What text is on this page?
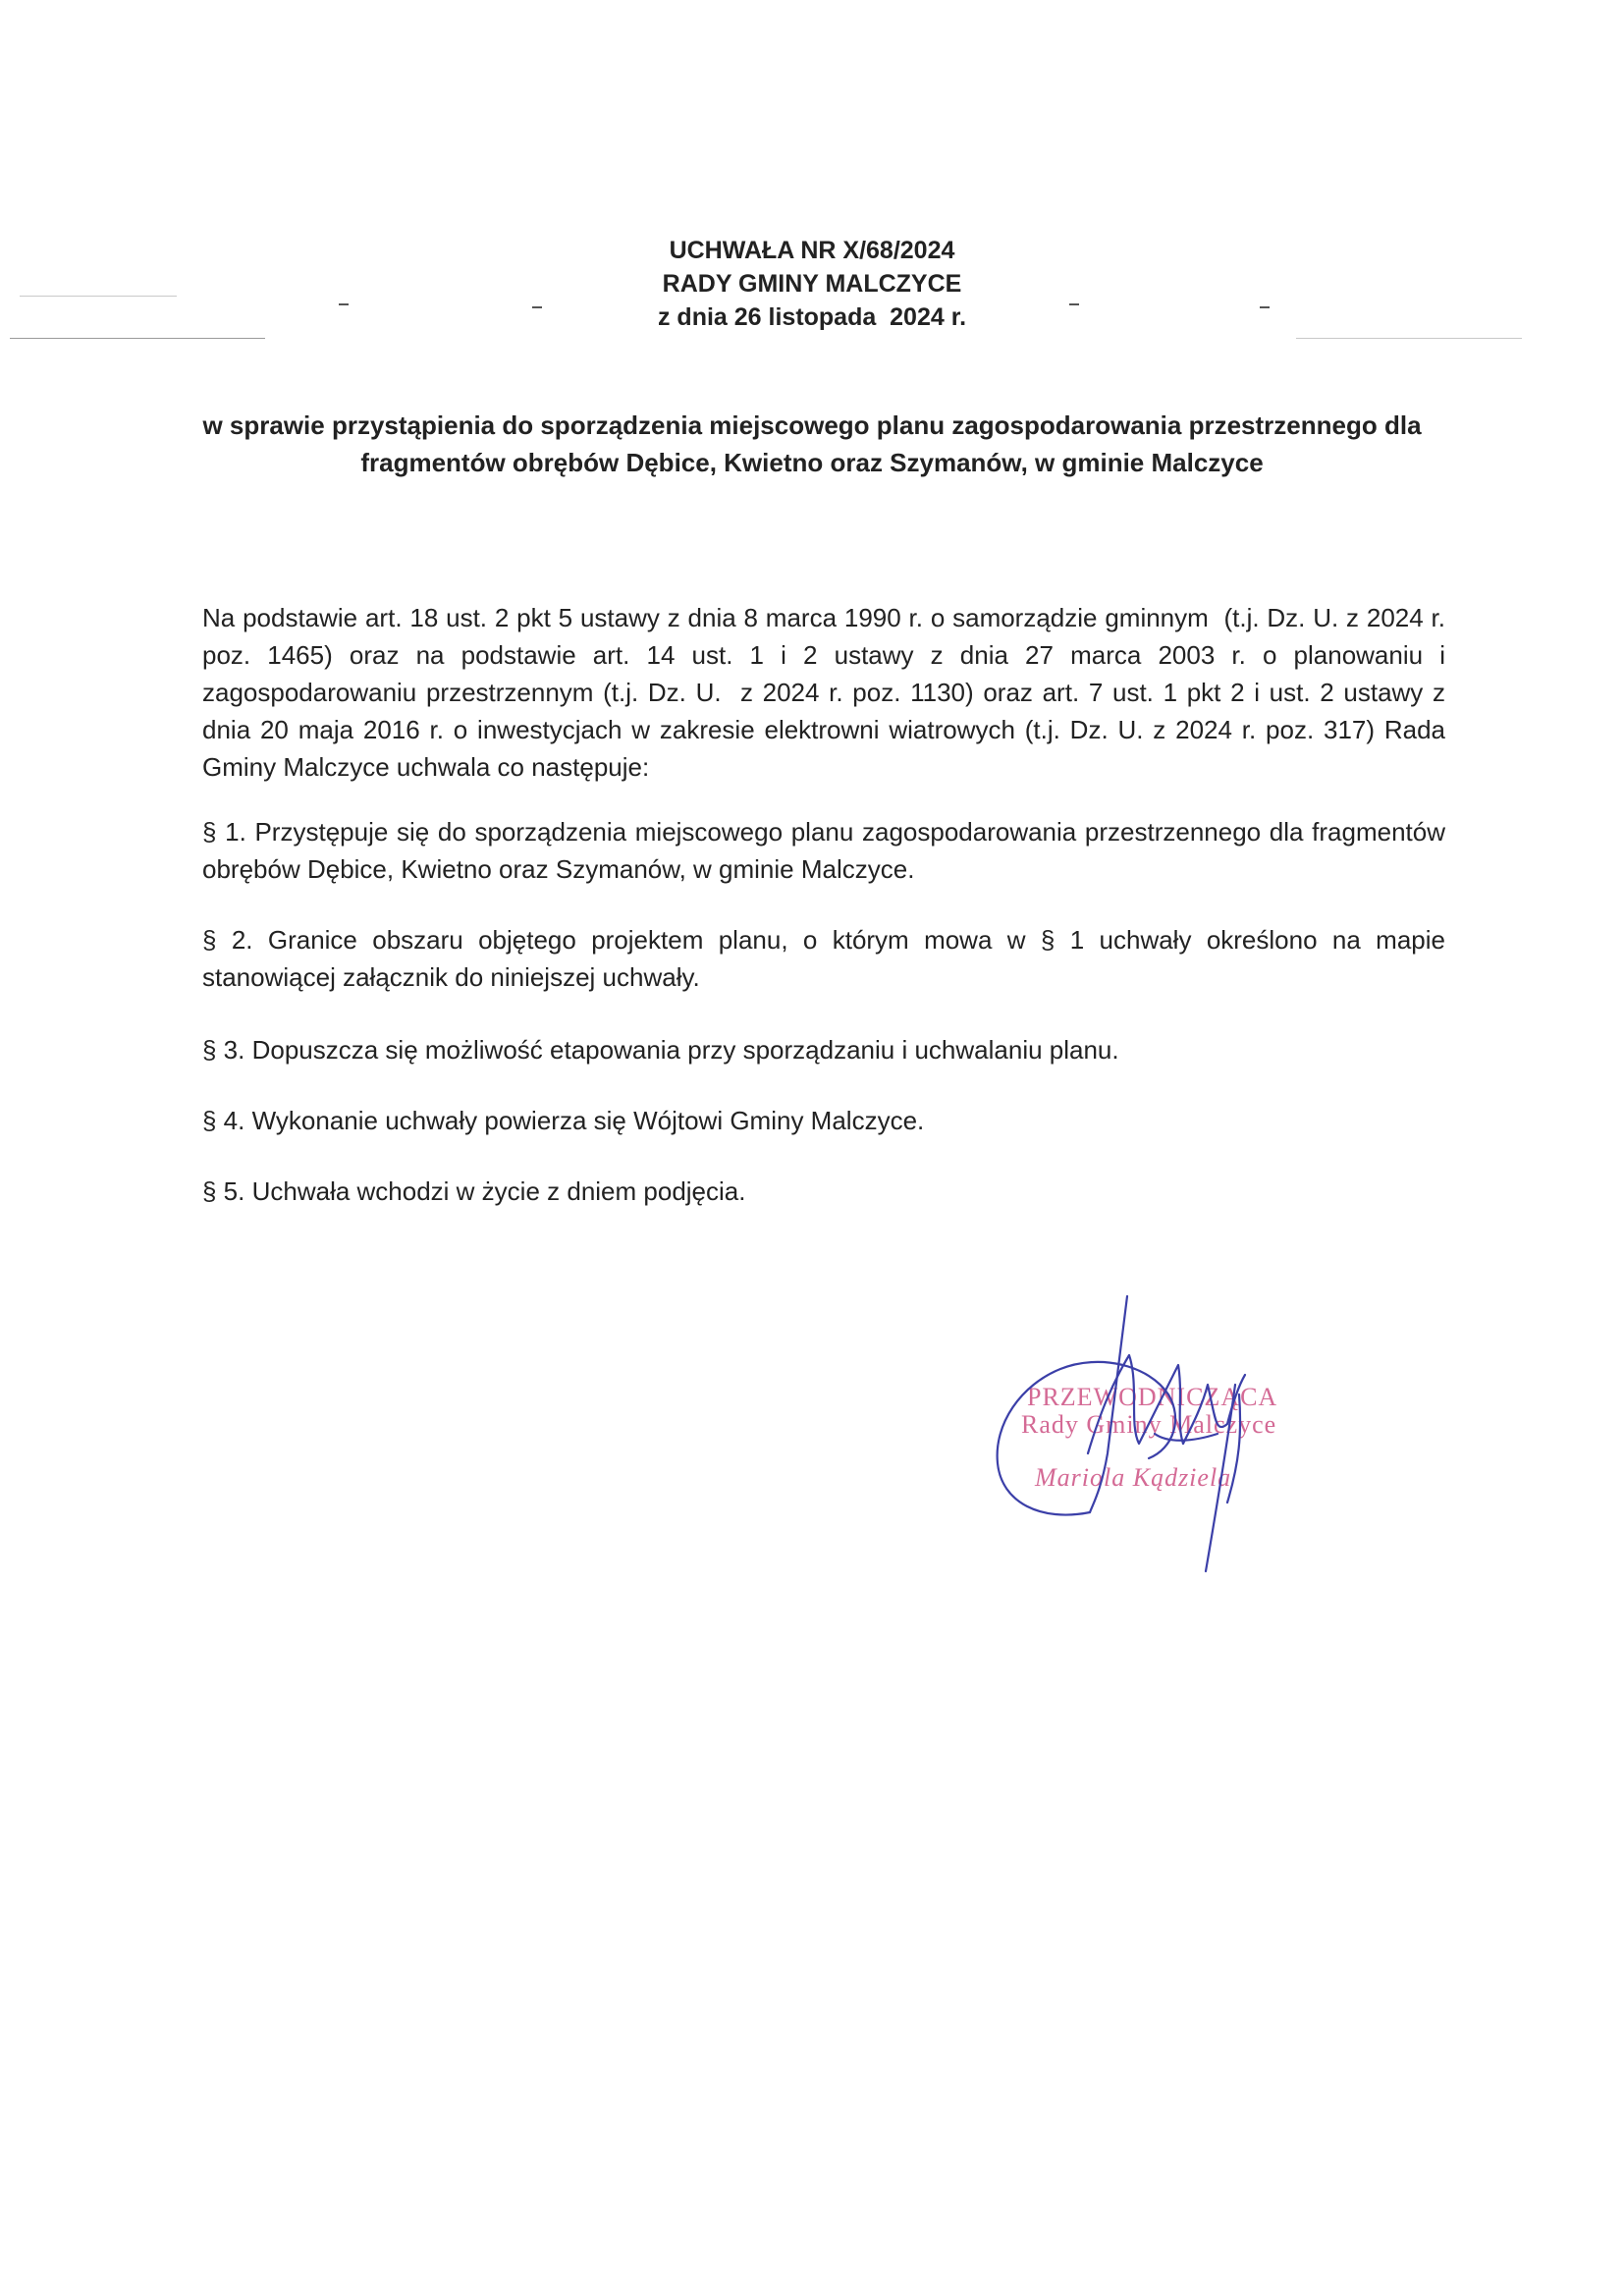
UCHWAŁA NR X/68/2024
RADY GMINY MALCZYCE
z dnia 26 listopada  2024 r.
w sprawie przystąpienia do sporządzenia miejscowego planu zagospodarowania przestrzennego dla fragmentów obrębów Dębice, Kwietno oraz Szymanów, w gminie Malczyce
Na podstawie art. 18 ust. 2 pkt 5 ustawy z dnia 8 marca 1990 r. o samorządzie gminnym  (t.j. Dz. U. z 2024 r. poz. 1465) oraz na podstawie art. 14 ust. 1 i 2 ustawy z dnia 27 marca 2003 r. o planowaniu i zagospodarowaniu przestrzennym (t.j. Dz. U.  z 2024 r. poz. 1130) oraz art. 7 ust. 1 pkt 2 i ust. 2 ustawy z dnia 20 maja 2016 r. o inwestycjach w zakresie elektrowni wiatrowych (t.j. Dz. U. z 2024 r. poz. 317) Rada Gminy Malczyce uchwala co następuje:
§ 1. Przystępuje się do sporządzenia miejscowego planu zagospodarowania przestrzennego dla fragmentów obrębów Dębice, Kwietno oraz Szymanów, w gminie Malczyce.
§ 2. Granice obszaru objętego projektem planu, o którym mowa w § 1 uchwały określono na mapie stanowiącej załącznik do niniejszej uchwały.
§ 3. Dopuszcza się możliwość etapowania przy sporządzaniu i uchwalaniu planu.
§ 4. Wykonanie uchwały powierza się Wójtowi Gminy Malczyce.
§ 5. Uchwała wchodzi w życie z dniem podjęcia.
PRZEWODNICZĄCA
Rady Gminy Malczyce
Mariola Kądziela
